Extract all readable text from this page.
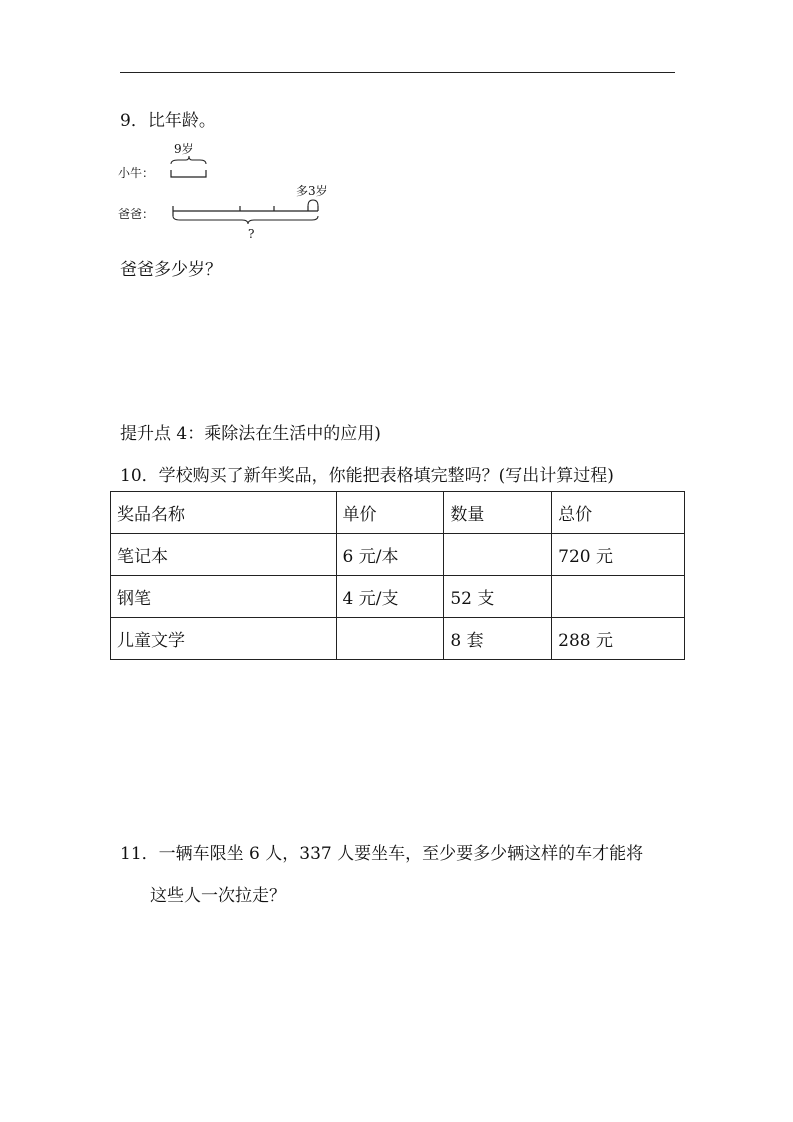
9．比年龄。
9岁
小牛：
多3岁
爸爸：
?
爸爸多少岁？
提升点 4：乘除法在生活中的应用)
10．学校购买了新年奖品，你能把表格填完整吗？(写出计算过程)
奖品名称	单价	数量	总价
笔记本	6 元/本		720 元
钢笔	4 元/支	52 支	
儿童文学		8 套	288 元
11．一辆车限坐 6 人，337 人要坐车，至少要多少辆这样的车才能将
这些人一次拉走？
